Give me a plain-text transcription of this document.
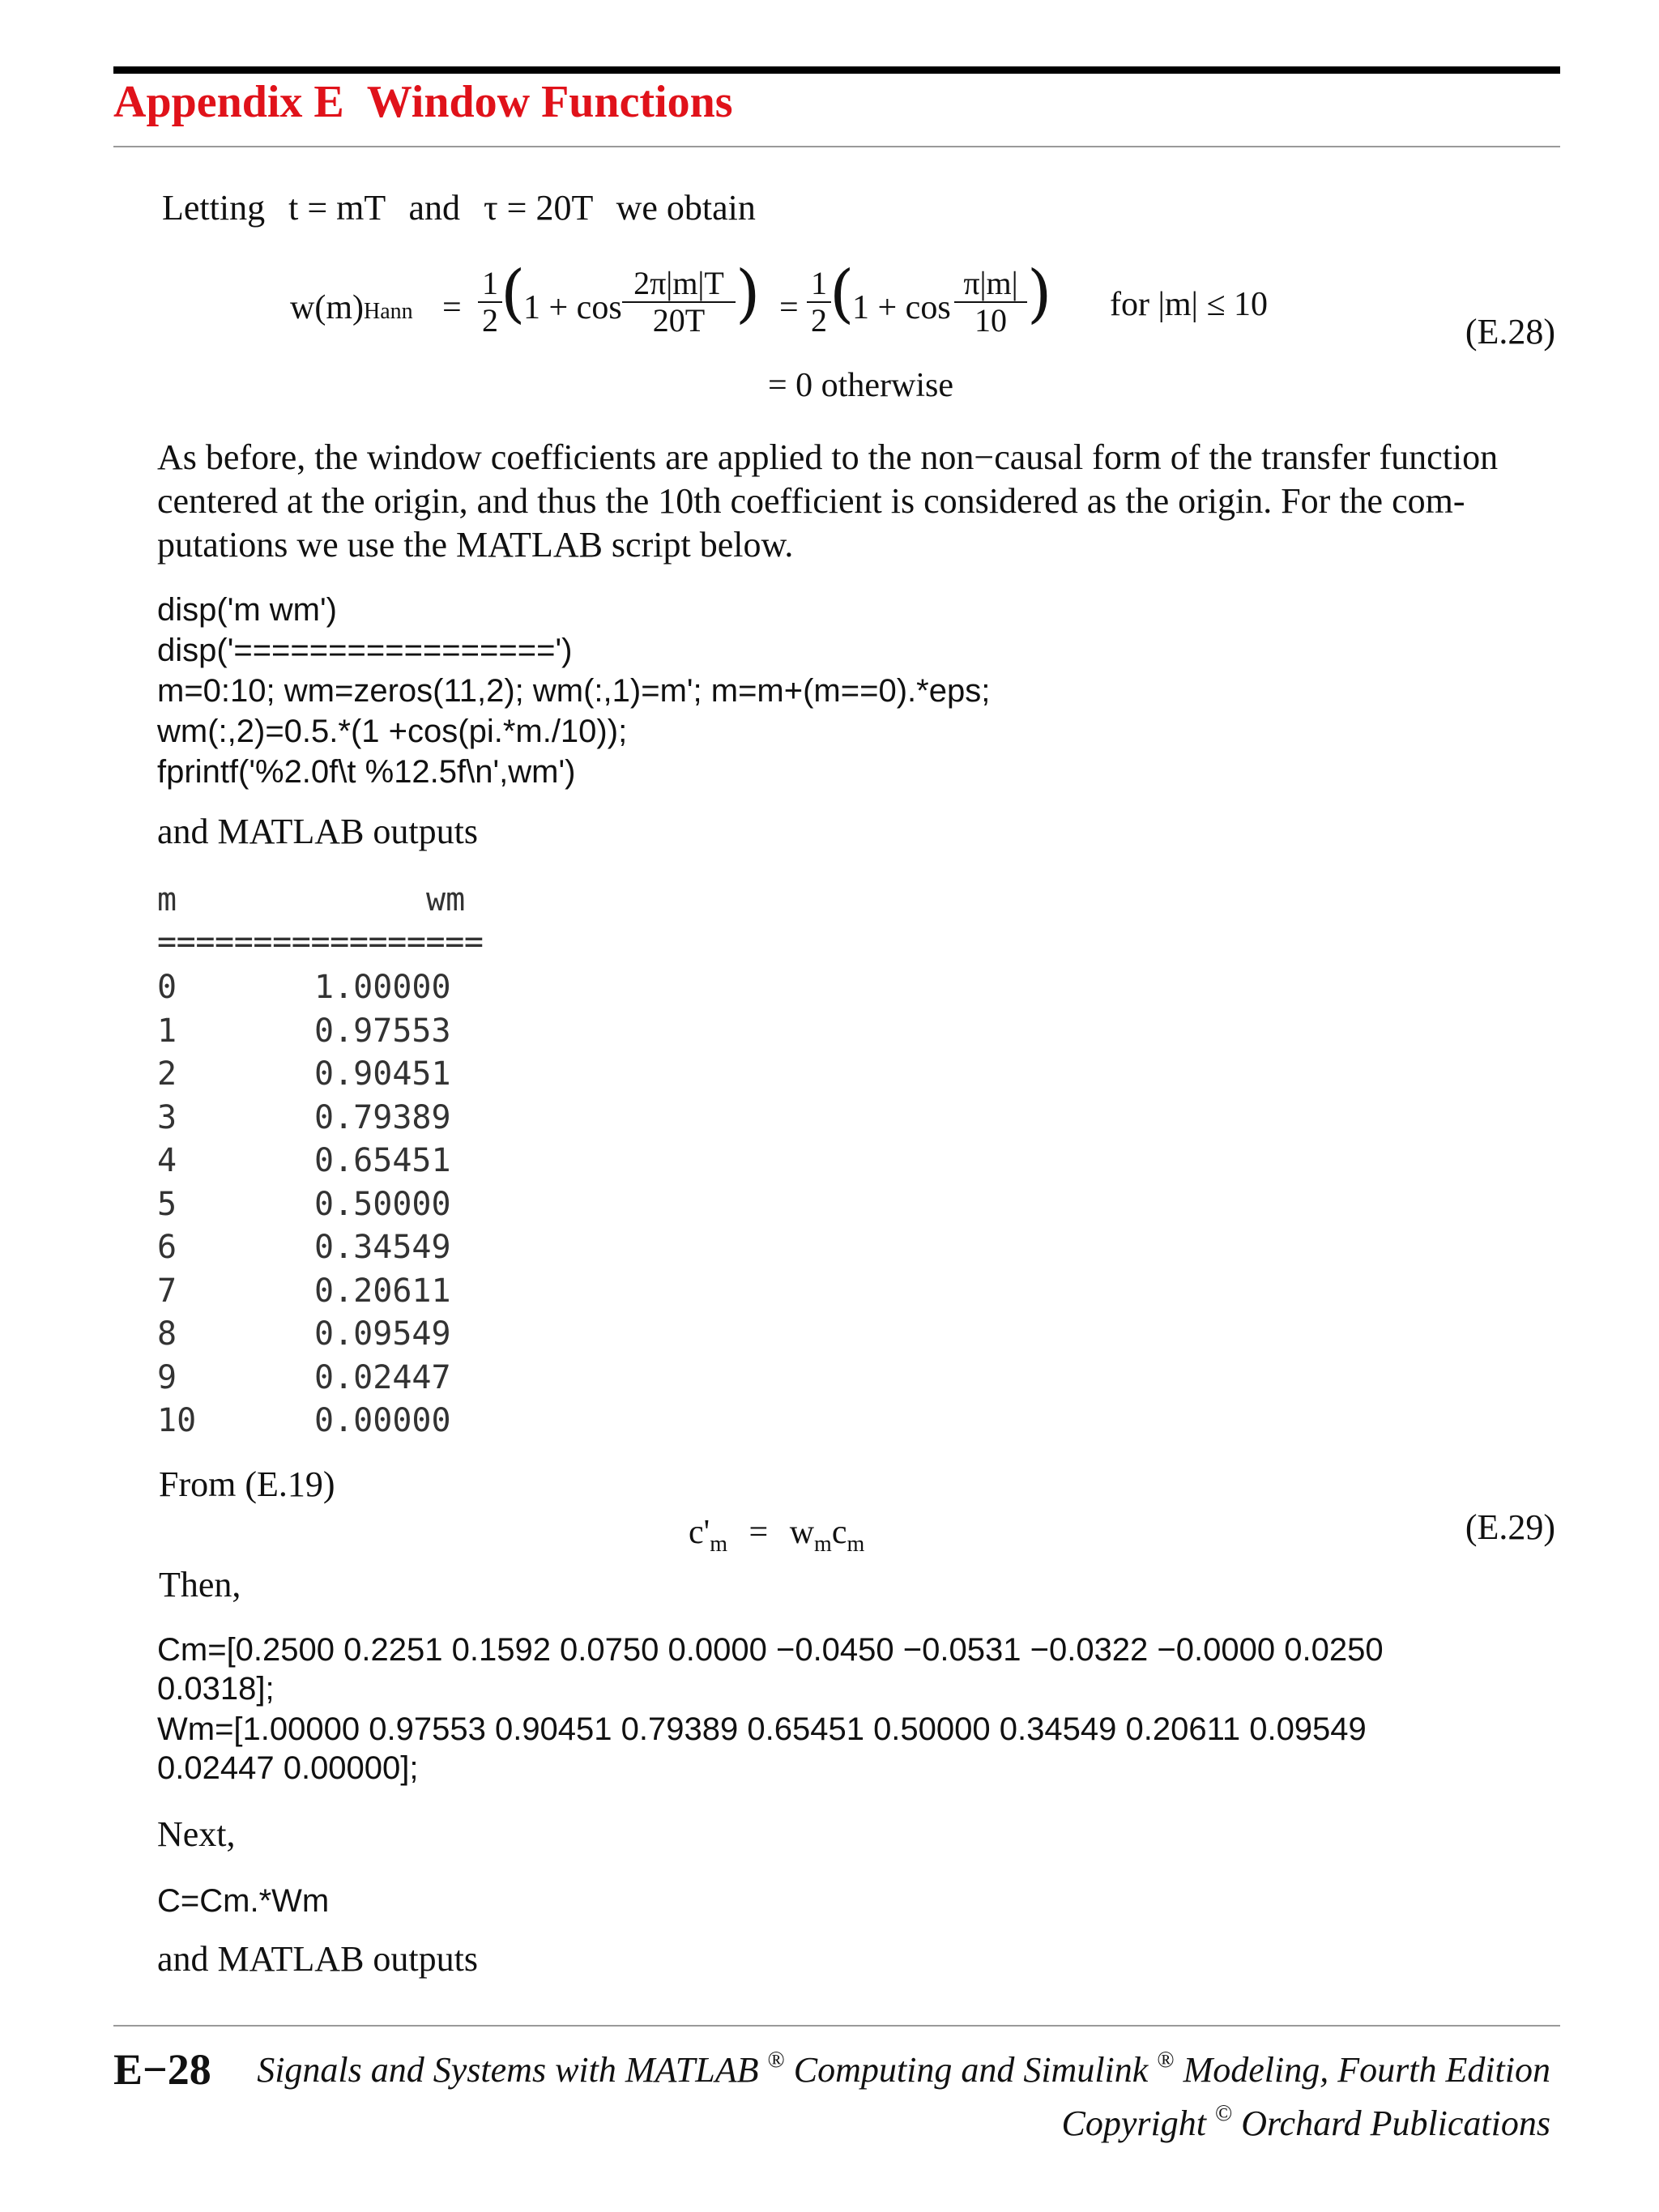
Appendix E Window Functions
Letting t = mT and τ = 20T we obtain
w(m)Hann = $\frac{1}{2}$
(
$1 + \cos \frac{2\pi|m|T}{20T}$ ) = $\frac{1}{2}$
(
$1 + \cos \frac{\pi|m|}{10}$ ) for |m| ≤ 10
(E.28)
= 0 otherwise
As before, the window coefficients are applied to the non−causal form of the transfer function
centered at the origin, and thus the 10th coefficient is considered as the origin. For the com-
putations we use the MATLAB script below.
disp('m wm')
disp('=================')
m=0:10; wm=zeros(11,2); wm(:,1)=m'; m=m+(m==0).*eps;
wm(:,2)=0.5.*(1 +cos(pi.*m./10));
fprintf('%2.0f\t %12.5f\n',wm')
and MATLAB outputs
m	wm
=================
0	1.00000
1	0.97553
2	0.90451
3	0.79389
4	0.65451
5	0.50000
6	0.34549
7	0.20611
8	0.09549
9	0.02447
10	0.00000
From (E.19)
$c'_m = w_mc_m$	(E.29)
Then,
Cm=[0.2500 0.2251 0.1592 0.0750 0.0000 −0.0450 −0.0531 −0.0322 −0.0000 0.0250
0.0318];
Wm=[1.00000 0.97553 0.90451 0.79389 0.65451 0.50000 0.34549 0.20611 0.09549
0.02447 0.00000];
Next,
C=Cm.*Wm
and MATLAB outputs
E−28 Signals and Systems with MATLAB ® Computing and Simulink ® Modeling, Fourth Edition
Copyright © Orchard Publications
